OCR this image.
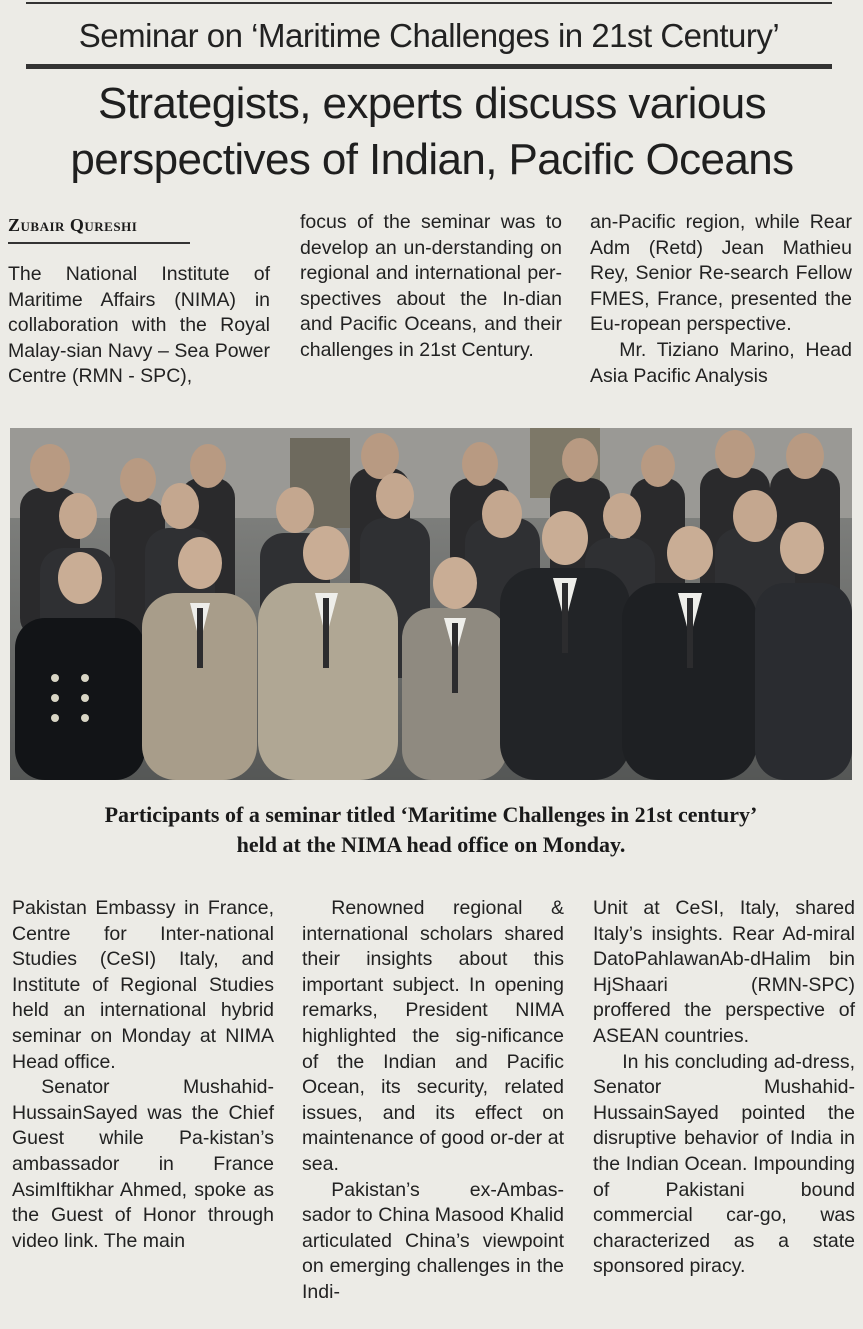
Seminar on ‘Maritime Challenges in 21st Century’
Strategists, experts discuss various
perspectives of Indian, Pacific Oceans
Zubair Qureshi

The National Institute of Maritime Affairs (NIMA) in collaboration with the Royal Malay-sian Navy – Sea Power Centre (RMN - SPC),

focus of the seminar was to develop an un-derstanding on regional and international per-spectives about the In-dian and Pacific Oceans, and their challenges in 21st Century.

an-Pacific region, while Rear Adm (Retd) Jean Mathieu Rey, Senior Re-search Fellow FMES, France, presented the Eu-ropean perspective.

Mr. Tiziano Marino, Head Asia Pacific Analysis

Participants of a seminar titled ‘Maritime Challenges in 21st century’
held at the NIMA head office on Monday.

Pakistan Embassy in France, Centre for Inter-national Studies (CeSI) Italy, and Institute of Regional Studies held an international hybrid seminar on Monday at NIMA Head office.

Senator Mushahid-HussainSayed was the Chief Guest while Pa-kistan’s ambassador in France AsimIftikhar Ahmed, spoke as the Guest of Honor through video link. The main

Renowned regional & international scholars shared their insights about this important subject. In opening remarks, President NIMA highlighted the sig-nificance of the Indian and Pacific Ocean, its security, related issues, and its effect on maintenance of good or-der at sea.

Pakistan’s ex-Ambas-sador to China Masood Khalid articulated China’s viewpoint on emerging challenges in the Indi-

Unit at CeSI, Italy, shared Italy’s insights. Rear Ad-miral DatoPahlawanAb-dHalim bin HjShaari (RMN-SPC) proffered the perspective of ASEAN countries.

In his concluding ad-dress, Senator Mushahid-HussainSayed pointed the disruptive behavior of India in the Indian Ocean. Impounding of Pakistani bound commercial car-go, was characterized as a state sponsored piracy.
